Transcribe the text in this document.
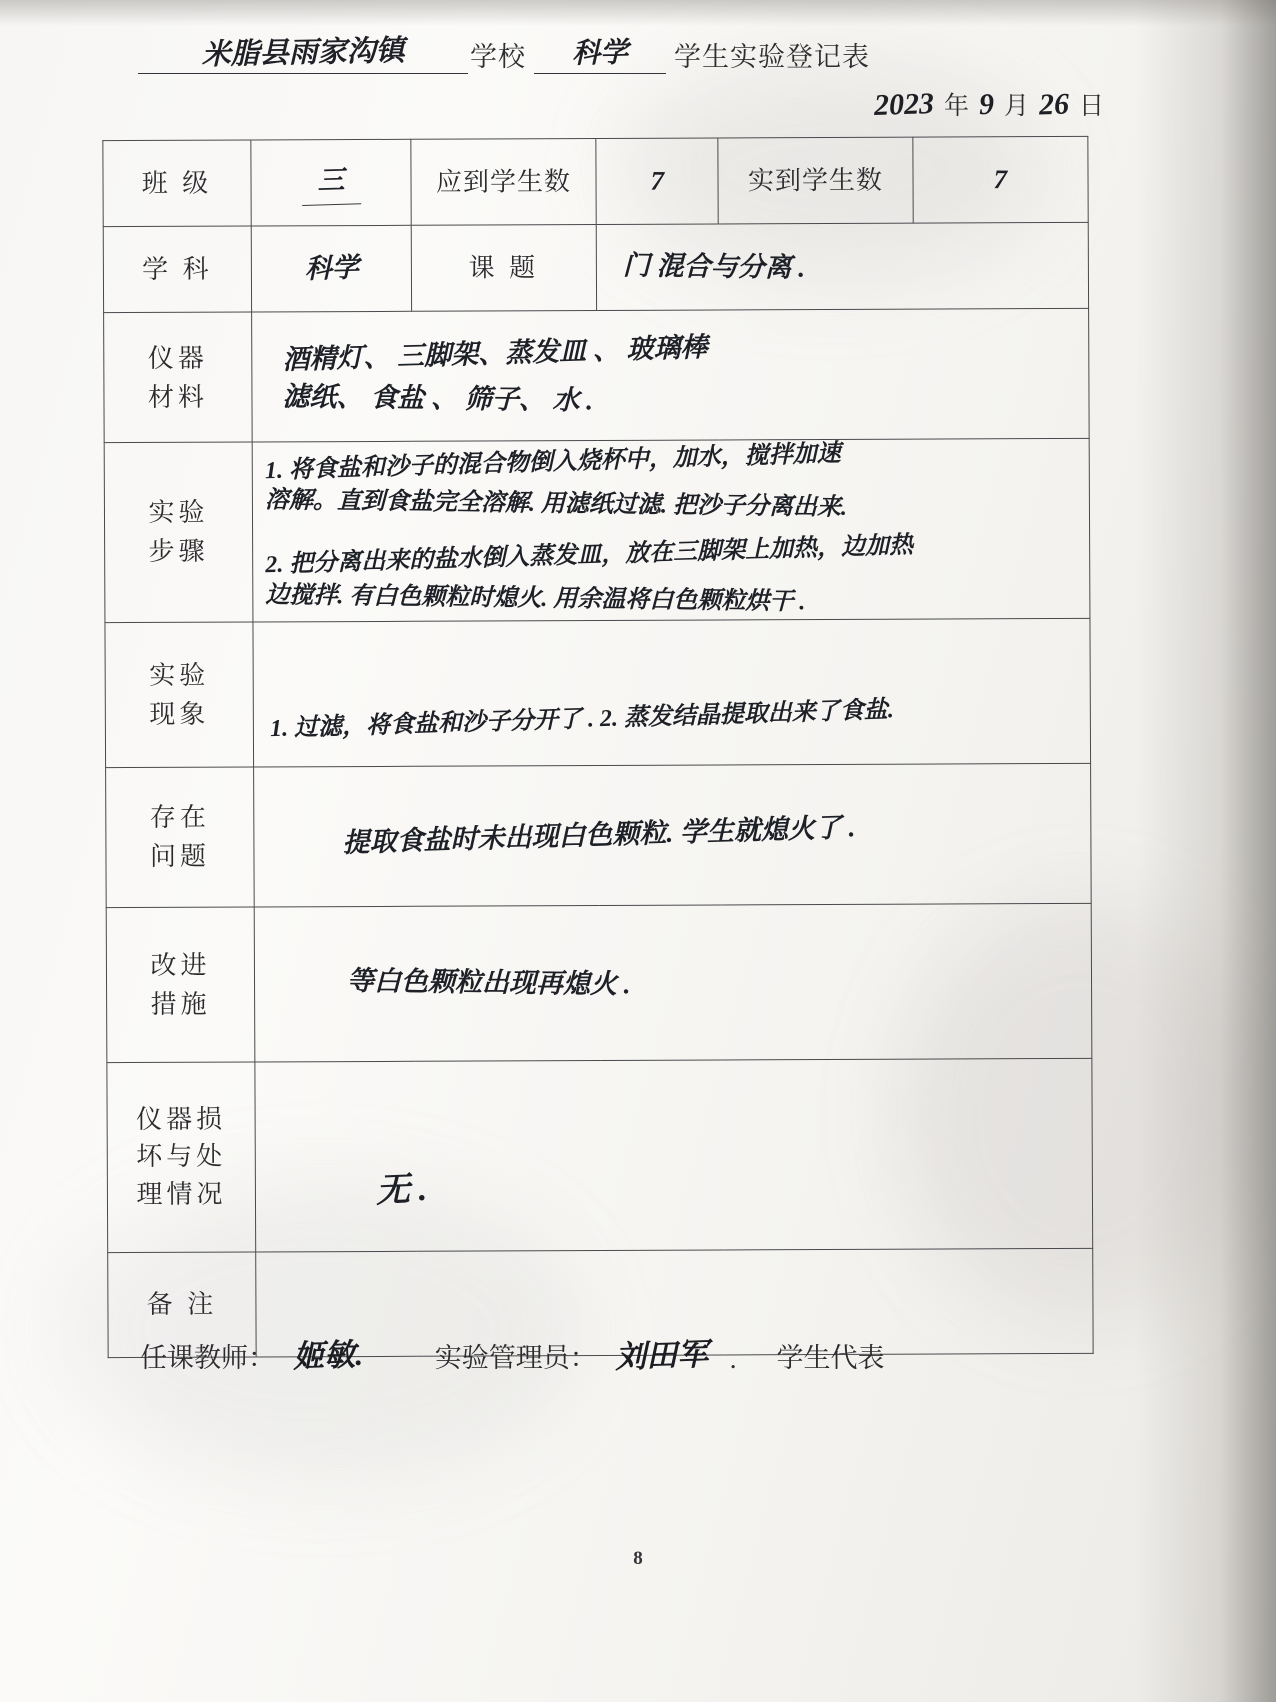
米脂县雨家沟镇	学校	科学	学生实验登记表
2023 年 9 月 26 日
班 级	三	应到学生数	7	实到学生数	7
学 科	科学	课 题	门 混合与分离 .		

仪器
材料	酒精灯、 三脚架、蒸发皿 、 玻璃棒
滤纸、 食盐 、 筛子、 水 .				

实验
步骤	1. 将食盐和沙子的混合物倒入烧杯中，加水，搅拌加速
溶解。直到食盐完全溶解. 用滤纸过滤. 把沙子分离出来.
2. 把分离出来的盐水倒入蒸发皿，放在三脚架上加热，边加热
边搅拌. 有白色颗粒时熄火. 用余温将白色颗粒烘干 .				

实验
现象	1. 过滤，将食盐和沙子分开了 . 2. 蒸发结晶提取出来了食盐.				

存在
问题	提取食盐时未出现白色颗粒. 学生就熄火了 .				

改进
措施	等白色颗粒出现再熄火 .				

仪器损
坏与处
理情况	无 .				
备 注					
任课教师： 姬敏.	实验管理员： 刘田军 . 学生代表
8
